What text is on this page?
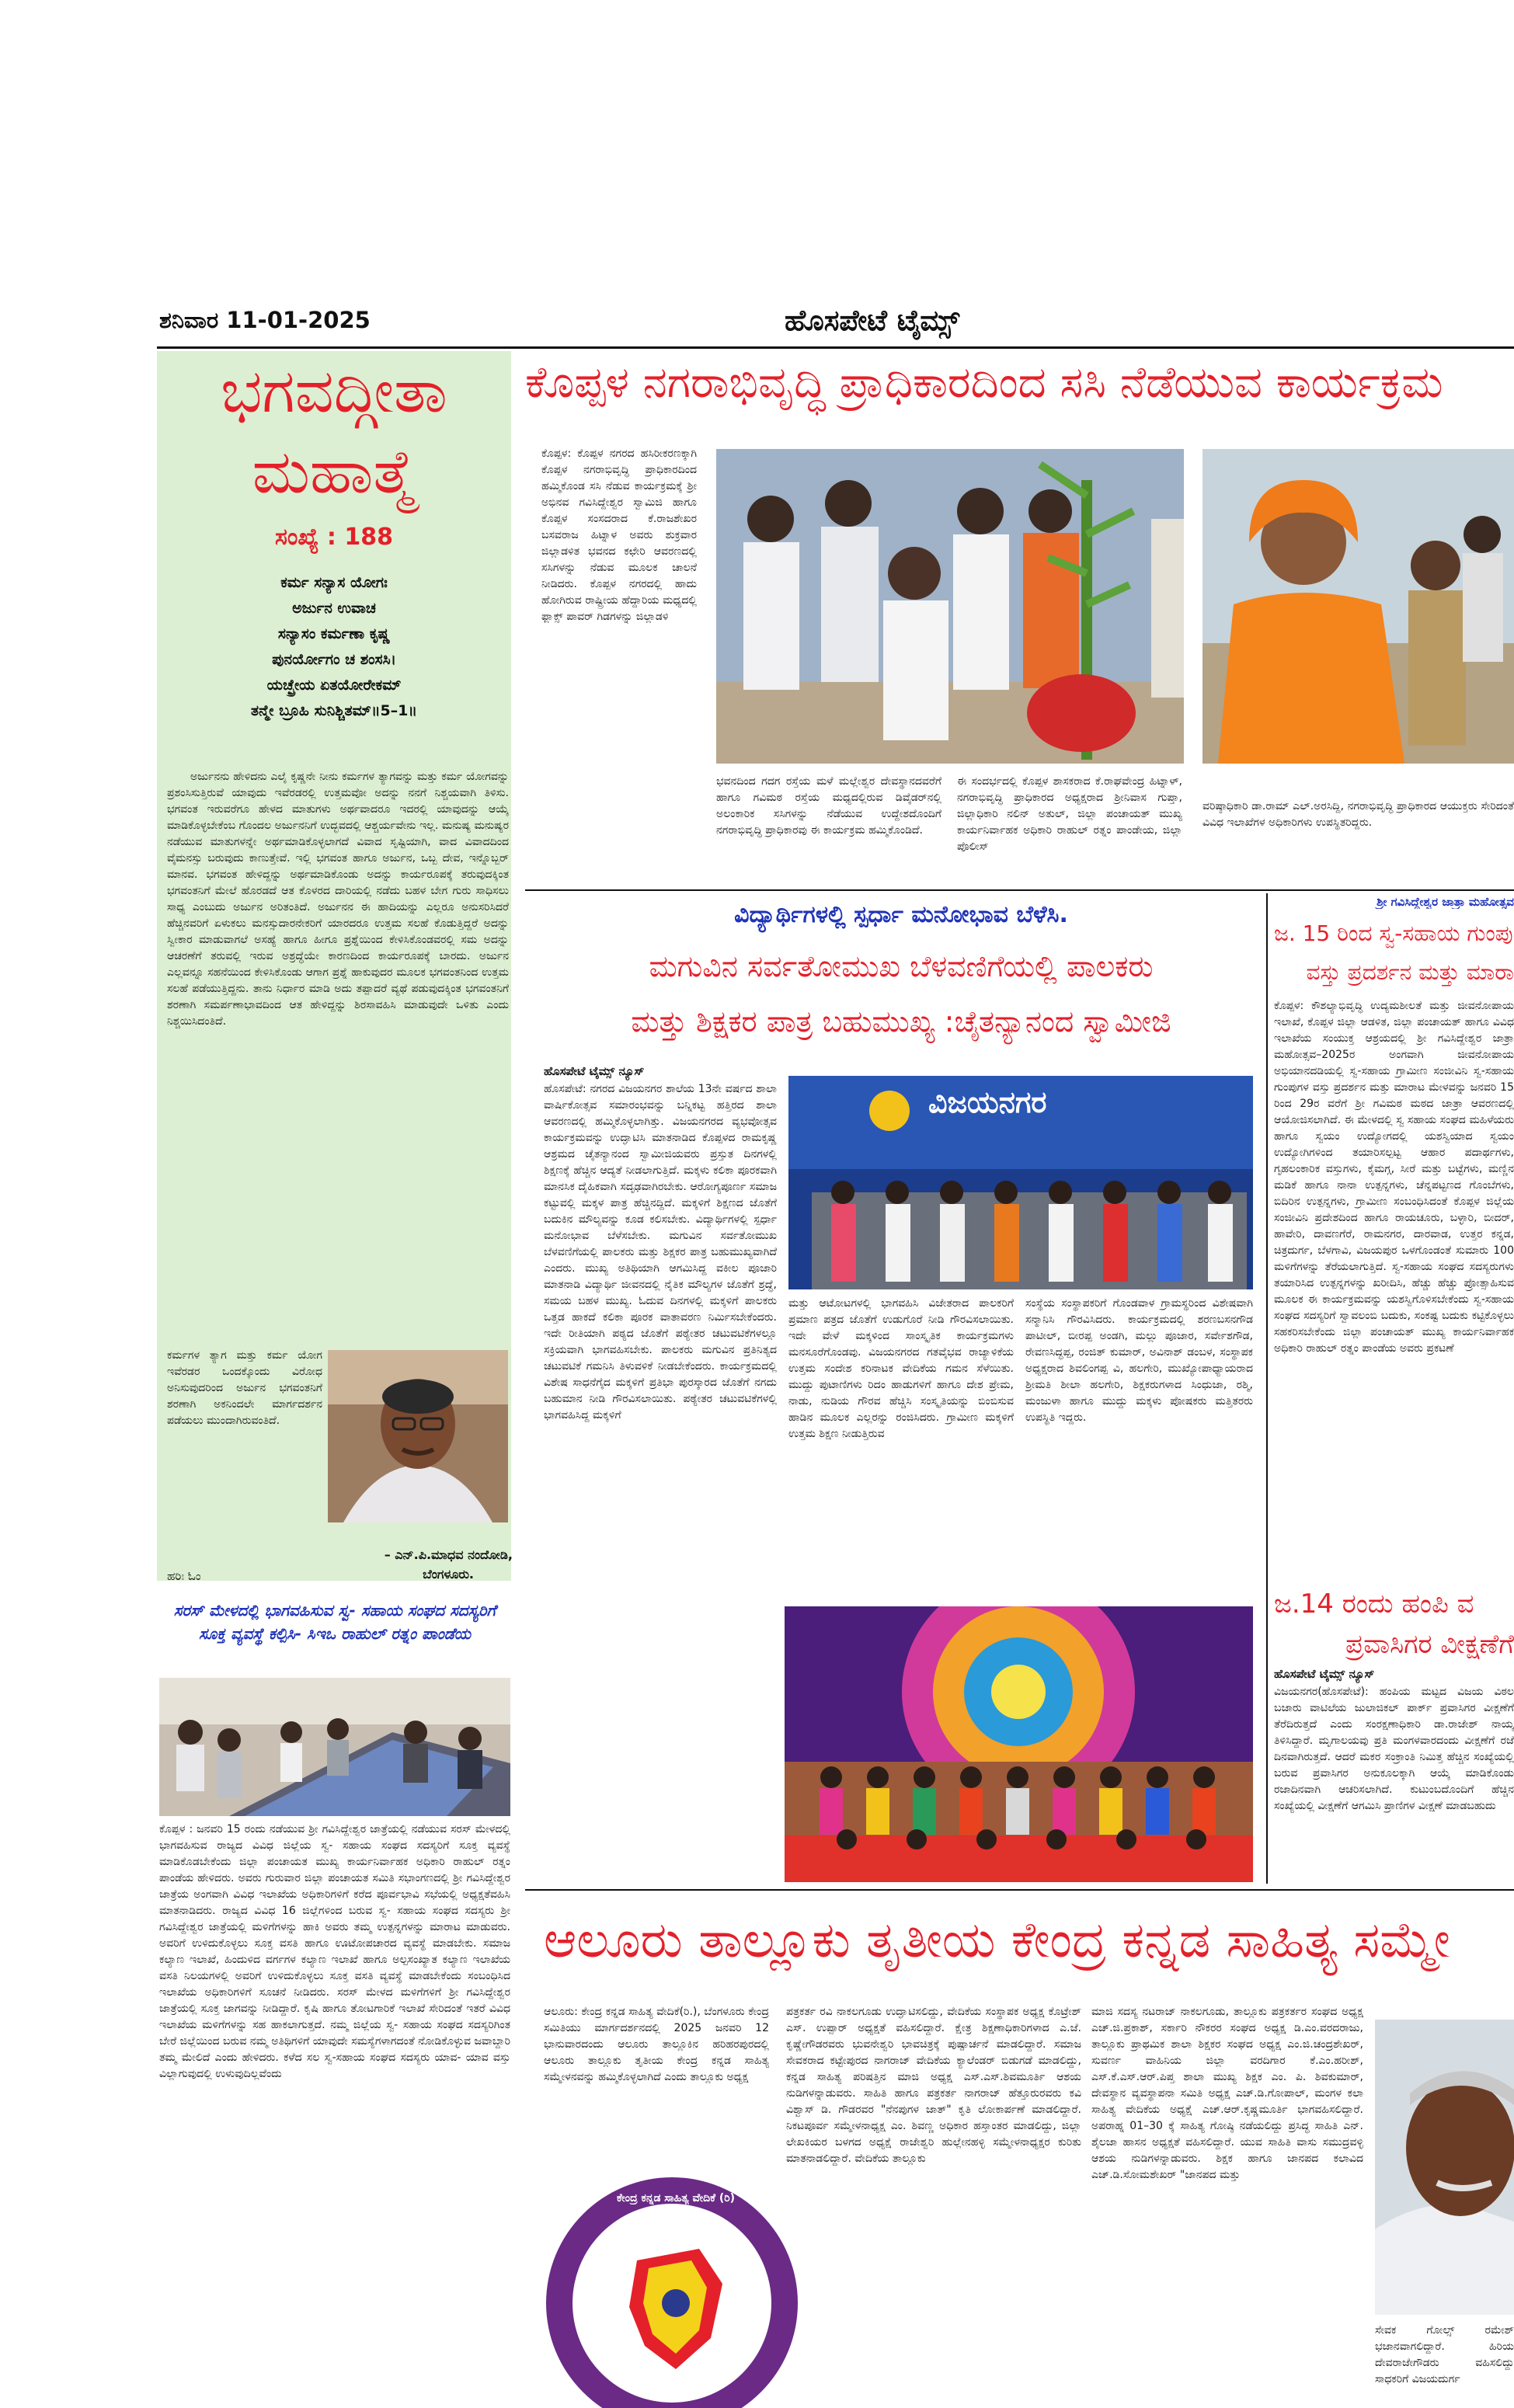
ಶನಿವಾರ 11-01-2025	ಹೊಸಪೇಟೆ ಟೈಮ್ಸ್
ಭಗವದ್ಗೀತಾ
ಮಹಾತ್ಮೆ
ಸಂಖ್ಯೆ : 188
ಕರ್ಮ ಸನ್ಯಾಸ ಯೋಗಃ
ಅರ್ಜುನ ಉವಾಚ
ಸನ್ಯಾಸಂ ಕರ್ಮಣಾ ಕೃಷ್ಣ
ಪುನರ್ಯೋಗಂ ಚ ಶಂಸಸಿ।
ಯಚ್ಛ್ರೇಯ ಏತಯೋರೇಕಮ್
ತನ್ಮೇ ಬ್ರೂಹಿ ಸುನಿಶ್ಚಿತಮ್॥5–1॥
ಅರ್ಜುನನು ಹೇಳಿದನು ಎಲೈ ಕೃಷ್ಣನೇ ನೀನು ಕರ್ಮಗಳ ತ್ಯಾಗವನ್ನು ಮತ್ತು ಕರ್ಮ ಯೋಗವನ್ನು ಪ್ರಶಂಸಿಸುತ್ತಿರುವೆ ಯಾವುದು ಇವೆರಡರಲ್ಲಿ ಉತ್ತಮವೋ ಅದನ್ನು ನನಗೆ ನಿಶ್ಚಯವಾಗಿ ತಿಳಿಸು. ಭಗವಂತ ಇರುವರೆಗೂ ಹೇಳದ ಮಾತುಗಳು ಅರ್ಥವಾದರೂ ಇದರಲ್ಲಿ ಯಾವುದನ್ನು ಆಯ್ಕೆ ಮಾಡಿಕೊಳ್ಳಬೇಕೆಂಬ ಗೊಂದಲ ಅರ್ಜುನನಿಗೆ ಉದ್ಭವದಲ್ಲಿ ಆಶ್ಚರ್ಯವೇನು ಇಲ್ಲ. ಮನುಷ್ಯ ಮನುಷ್ಯರ ನಡೆಯುವ ಮಾತುಗಳನ್ನೇ ಅರ್ಥಮಾಡಿಕೊಳ್ಳಲಾಗದೆ ವಿವಾದ ಸೃಷ್ಟಿಯಾಗಿ, ವಾದ ವಿವಾದದಿಂದ ವೈಮನಸ್ಸು ಬರುವುದು ಕಾಣುತ್ತೇವೆ. ಇಲ್ಲಿ ಭಗವಂತ ಹಾಗೂ ಅರ್ಜುನ, ಒಬ್ಬ ದೇವ, ಇನ್ನೊಬ್ಬರ್ ಮಾನವ. ಭಗವಂತ ಹೇಳಿದ್ದನ್ನು ಅರ್ಥಮಾಡಿಕೊಂಡು ಅದನ್ನು ಕಾರ್ಯರೂಪಕ್ಕೆ ತರುವುದಕ್ಕಿಂತ ಭಗವಂತನಿಗೆ ಮೇಲೆ ಹೊರಡದೆ ಆತ ಕೊಳರದ ದಾರಿಯಲ್ಲಿ ನಡೆದು ಬಹಳ ಬೇಗ ಗುರು ಸಾಧಿಸಲು ಸಾಧ್ಯ ಎಂಬುದು ಅರ್ಜುನ ಅರಿತಂತಿದೆ. ಅರ್ಜುನನ ಈ ಹಾದಿಯನ್ನು ಎಲ್ಲರೂ ಅನುಸರಿಸಿದರೆ ಹೆಚ್ಚಿನವರಿಗೆ ಏಳುಕಲು ಮನಸ್ಸುದಾರನೇಕರಿಗೆ ಯಾರದರೂ ಉತ್ತಮ ಸಲಹೆ ಕೊಡುತ್ತಿದ್ದರೆ ಅದನ್ನು ಸ್ವೀಕಾರ ಮಾಡುವಾಗಲೆ ಅಸಹ್ಯೆ ಹಾಗೂ ಹೀಗೂ ಪ್ರಶ್ನೆಯಿಂದ ಕೇಳಿಸಿಕೊಂಡವರಲ್ಲಿ ಸಮ ಅದನ್ನು ಆಚರಣೆಗೆ ತರುವಲ್ಲಿ ಇರುವ ಅಶ್ರದ್ಧೆಯೇ ಕಾರಣದಿಂದ ಕಾರ್ಯರೂಪಕ್ಕೆ ಬಾರದು. ಅರ್ಜುನ ಎಲ್ಲವನ್ನೂ ಸಹನೆಯಿಂದ ಕೇಳಿಸಿಕೊಂಡು ಆಗಾಗ ಪ್ರಶ್ನೆ ಹಾಕುವುದರ ಮೂಲಕ ಭಗವಂತನಿಂದ ಉತ್ತಮ ಸಲಹೆ ಪಡೆಯುತ್ತಿದ್ದನು. ತಾನು ನಿರ್ಧಾರ ಮಾಡಿ ಅದು ತಪ್ಪಾದರೆ ವ್ಯಥೆ ಪಡುವುದಕ್ಕಿಂತ ಭಗವಂತನಿಗೆ ಶರಣಾಗಿ ಸಮರ್ಪಣಾಭಾವದಿಂದ ಆತ ಹೇಳಿದ್ದನ್ನು ಶಿರಸಾವಹಿಸಿ ಮಾಡುವುದೇ ಒಳಿತು ಎಂದು ನಿಶ್ಚಯಿಸಿದಂತಿದೆ.
ಕರ್ಮಗಳ ತ್ಯಾಗ ಮತ್ತು ಕರ್ಮ ಯೋಗ ಇವೆರಡರ ಒಂದಕ್ಕೊಂದು ವಿರೋಧ ಅನಿಸುವುದರಿಂದ ಅರ್ಜುನ ಭಗವಂತನಿಗೆ ಶರಣಾಗಿ ಅಕನಿಂದಲೇ ಮಾರ್ಗದರ್ಶನ ಪಡೆಯಲು ಮುಂದಾಗಿರುವಂತಿದೆ.
– ಎನ್.ಪಿ.ಮಾಧವ ನಂದೋಡಿ,
ಹರಿಃ ಓಂ	ಬೆಂಗಳೂರು.
ಸರಸ್ ಮೇಳದಲ್ಲಿ ಭಾಗವಹಿಸುವ ಸ್ವ- ಸಹಾಯ ಸಂಘದ ಸದಸ್ಯರಿಗೆ ಸೂಕ್ತ ವ್ಯವಸ್ಥೆ ಕಲ್ಪಿಸಿ- ಸಿಇಒ ರಾಹುಲ್ ರತ್ನಂ ಪಾಂಡೆಯ
ಕೊಪ್ಪಳ : ಜನವರಿ 15 ರಂದು ನಡೆಯುವ ಶ್ರೀ ಗವಿಸಿದ್ದೇಶ್ವರ ಜಾತ್ರೆಯಲ್ಲಿ ನಡೆಯುವ ಸರಸ್ ಮೇಳದಲ್ಲಿ ಭಾಗವಹಿಸುವ ರಾಜ್ಯದ ವಿವಿಧ ಜಿಲ್ಲೆಯ ಸ್ವ- ಸಹಾಯ ಸಂಘದ ಸದಸ್ಯರಿಗೆ ಸೂಕ್ತ ವ್ಯವಸ್ಥೆ ಮಾಡಿಕೊಡಬೇಕೆಂದು ಜಿಲ್ಲಾ ಪಂಚಾಯತ ಮುಖ್ಯ ಕಾರ್ಯನಿರ್ವಾಹಕ ಅಧಿಕಾರಿ ರಾಹುಲ್ ರತ್ನಂ ಪಾಂಡೆಯ ಹೇಳಿದರು. ಅವರು ಗುರುವಾರ ಜಿಲ್ಲಾ ಪಂಚಾಯತ ಸಮಿತಿ ಸಭಾಂಗಣದಲ್ಲಿ ಶ್ರೀ ಗವಿಸಿದ್ದೇಶ್ವರ ಜಾತ್ರೆಯ ಅಂಗವಾಗಿ ವಿವಿಧ ಇಲಾಖೆಯ ಅಧಿಕಾರಿಗಳಿಗೆ ಕರೆದ ಪೂರ್ವಭಾವಿ ಸಭೆಯಲ್ಲಿ ಅಧ್ಯಕ್ಷತೆವಹಿಸಿ ಮಾತನಾಡಿದರು. ರಾಜ್ಯದ ವಿವಿಧ 16 ಜಿಲ್ಲೆಗಳಿಂದ ಬರುವ ಸ್ವ- ಸಹಾಯ ಸಂಘದ ಸದಸ್ಯರು ಶ್ರೀ ಗವಿಸಿದ್ದೇಶ್ವರ ಜಾತ್ರೆಯಲ್ಲಿ ಮಳಿಗೆಗಳನ್ನು ಹಾಕಿ ಅವರು ತಮ್ಮ ಉತ್ಪನ್ನಗಳನ್ನು ಮಾರಾಟ ಮಾಡುವರು. ಅವರಿಗೆ ಉಳಿದುಕೊಳ್ಳಲು ಸೂಕ್ತ ವಸತಿ ಹಾಗೂ ಊಟೋಪಚಾರದ ವ್ಯವಸ್ಥೆ ಮಾಡಬೇಕು. ಸಮಾಜ ಕಲ್ಯಾಣ ಇಲಾಖೆ, ಹಿಂದುಳಿದ ವರ್ಗಗಳ ಕಲ್ಯಾಣ ಇಲಾಖೆ ಹಾಗೂ ಅಲ್ಪಸಂಖ್ಯಾತ ಕಲ್ಯಾಣ ಇಲಾಖೆಯ ವಸತಿ ನಿಲಯಗಳಲ್ಲಿ ಅವರಿಗೆ ಉಳಿದುಕೊಳ್ಳಲು ಸೂಕ್ತ ವಸತಿ ವ್ಯವಸ್ಥೆ ಮಾಡಬೇಕೆಂದು ಸಂಬಂಧಿಸಿದ ಇಲಾಖೆಯ ಅಧಿಕಾರಿಗಳಿಗೆ ಸೂಚನೆ ನೀಡಿದರು. ಸರಸ್ ಮೇಳದ ಮಳಿಗೆಗಳಿಗೆ ಶ್ರೀ ಗವಿಸಿದ್ದೇಶ್ವರ ಜಾತ್ರೆಯಲ್ಲಿ ಸೂಕ್ತ ಜಾಗವನ್ನು ನೀಡಿದ್ದಾರೆ. ಕೃಷಿ ಹಾಗೂ ತೋಟಗಾರಿಕೆ ಇಲಾಖೆ ಸೇರಿದಂತೆ ಇತರೆ ವಿವಿಧ ಇಲಾಖೆಯ ಮಳಿಗೆಗಳನ್ನು ಸಹ ಹಾಕಲಾಗುತ್ತದೆ. ನಮ್ಮ ಜಿಲ್ಲೆಯ ಸ್ವ- ಸಹಾಯ ಸಂಘದ ಸದಸ್ಯರಿಗಿಂತ ಬೇರೆ ಜಿಲ್ಲೆಯಿಂದ ಬರುವ ನಮ್ಮ ಅತಿಥಿಗಳಿಗೆ ಯಾವುದೇ ಸಮಸ್ಯೆಗಳಾಗದಂತೆ ನೋಡಿಕೊಳ್ಳುವ ಜವಾಬ್ದಾರಿ ತಮ್ಮ ಮೇಲಿದೆ ಎಂದು ಹೇಳಿದರು. ಕಳೆದ ಸಲ ಸ್ವ-ಸಹಾಯ ಸಂಘದ ಸದಸ್ಯರು ಯಾವ- ಯಾವ ವಸ್ತು ವಿಲ್ಲಾಗುವುದಲ್ಲಿ ಉಳುವುದಿಲ್ಲವೆಂದು
ಕೊಪ್ಪಳ ನಗರಾಭಿವೃದ್ಧಿ ಪ್ರಾಧಿಕಾರದಿಂದ ಸಸಿ ನೆಡೆಯುವ ಕಾರ್ಯಕ್ರಮ
ಕೊಪ್ಪಳ: ಕೊಪ್ಪಳ ನಗರದ ಹಸಿರೀಕರಣಕ್ಕಾಗಿ ಕೊಪ್ಪಳ ನಗರಾಭಿವೃದ್ಧಿ ಪ್ರಾಧಿಕಾರದಿಂದ ಹಮ್ಮಿಕೊಂಡ ಸಸಿ ನೆಡುವ ಕಾರ್ಯಕ್ರಮಕ್ಕೆ ಶ್ರೀ ಅಭಿನವ ಗವಿಸಿದ್ದೇಶ್ವರ ಸ್ವಾಮಿಜಿ ಹಾಗೂ ಕೊಪ್ಪಳ ಸಂಸದರಾದ ಕೆ.ರಾಜಶೇಖರ ಬಸವರಾಜ ಹಿಟ್ನಾಳ ಅವರು ಶುಕ್ರವಾರ ಜಿಲ್ಲಾಡಳಿತ ಭವನದ ಕಛೇರಿ ಆವರಣದಲ್ಲಿ ಸಸಿಗಳನ್ನು ನೆಡುವ ಮೂಲಕ ಚಾಲನೆ ನೀಡಿದರು. ಕೊಪ್ಪಳ ನಗರದಲ್ಲಿ ಹಾದು ಹೋಗಿರುವ ರಾಷ್ಟ್ರೀಯ ಹೆದ್ದಾರಿಯ ಮಧ್ಯದಲ್ಲಿ ಫ್ಲಾಕ್ಸ್ ಪಾವರ್ ಗಿಡಗಳನ್ನು ಜಿಲ್ಲಾಡಳಿ
ಭವನದಿಂದ ಗದಗ ರಸ್ತೆಯ ಮಳೆ ಮಲ್ಲೇಶ್ವರ ದೇವಸ್ಥಾನದವರೆಗೆ ಹಾಗೂ ಗವಿಮಠ ರಸ್ತೆಯ ಮಧ್ಯದಲ್ಲಿರುವ ಡಿವೈಡರ್‌ನಲ್ಲಿ ಅಲಂಕಾರಿಕ ಸಸಿಗಳನ್ನು ನೆಡೆಯುವ ಉದ್ದೇಶದೊಂದಿಗೆ ನಗರಾಭಿವೃದ್ಧಿ ಪ್ರಾಧಿಕಾರವು ಈ ಕಾರ್ಯಕ್ರಮ ಹಮ್ಮಿಕೊಂಡಿದೆ.
ಈ ಸಂದರ್ಭದಲ್ಲಿ ಕೊಪ್ಪಳ ಶಾಸಕರಾದ ಕೆ.ರಾಘವೇಂದ್ರ ಹಿಟ್ನಾಳ್, ನಗರಾಭಿವೃದ್ಧಿ ಪ್ರಾಧಿಕಾರದ ಅಧ್ಯಕ್ಷರಾದ ಶ್ರೀನಿವಾಸ ಗುಪ್ತಾ, ಜಿಲ್ಲಾಧಿಕಾರಿ ನಲಿನ್ ಅತುಲ್, ಜಿಲ್ಲಾ ಪಂಚಾಯತ್ ಮುಖ್ಯ ಕಾರ್ಯನಿರ್ವಾಹಕ ಅಧಿಕಾರಿ ರಾಹುಲ್ ರತ್ನಂ ಪಾಂಡೇಯ, ಜಿಲ್ಲಾ ಪೊಲೀಸ್
ವರಿಷ್ಠಾಧಿಕಾರಿ ಡಾ.ರಾಮ್ ಎಲ್.ಅರಸಿದ್ದಿ, ನಗರಾಭಿವೃದ್ಧಿ ಪ್ರಾಧಿಕಾರದ ಆಯುಕ್ತರು ಸೇರಿದಂತೆ ವಿವಿಧ ಇಲಾಖೆಗಳ ಅಧಿಕಾರಿಗಳು ಉಪಸ್ಥಿತರಿದ್ದರು.
ವಿದ್ಯಾರ್ಥಿಗಳಲ್ಲಿ ಸ್ಪರ್ಧಾ ಮನೋಭಾವ ಬೆಳೆಸಿ.
ಮಗುವಿನ ಸರ್ವತೋಮುಖ ಬೆಳವಣಿಗೆಯಲ್ಲಿ ಪಾಲಕರು
ಮತ್ತು ಶಿಕ್ಷಕರ ಪಾತ್ರ ಬಹುಮುಖ್ಯ :ಚೈತನ್ಯಾನಂದ ಸ್ವಾಮೀಜಿ
ಹೊಸಪೇಟೆ ಟೈಮ್ಸ್ ನ್ಯೂಸ್
ಹೊಸಪೇಟೆ: ನಗರದ ವಿಜಯನಗರ ಶಾಲೆಯ 13ನೇ ವರ್ಷದ ಶಾಲಾ ವಾರ್ಷಿಕೋತ್ಸವ ಸಮಾರಂಭವನ್ನು ಬನ್ನಿಕಟ್ಟ ಹತ್ತಿರದ ಶಾಲಾ ಆವರಣದಲ್ಲಿ ಹಮ್ಮಿಕೊಳ್ಳಲಾಗಿತ್ತು. ವಿಜಯನಗರದ ವ್ಯಭವೋತ್ಸವ ಕಾರ್ಯಕ್ರಮವನ್ನು ಉದ್ಘಾಟಿಸಿ ಮಾತನಾಡಿದ ಕೊಪ್ಪಳದ ರಾಮಕೃಷ್ಣ ಆಶ್ರಮದ ಚೈತನ್ಯಾನಂದ ಸ್ವಾಮೀಜಿಯವರು ಪ್ರಸ್ತುತ ದಿನಗಳಲ್ಲಿ ಶಿಕ್ಷಣಕ್ಕೆ ಹೆಚ್ಚಿನ ಆದ್ಯತೆ ನೀಡಲಾಗುತ್ತಿದೆ. ಮಕ್ಕಳು ಕಲಿಕಾ ಪೂರಕವಾಗಿ ಮಾನಸಿಕ ದೈಹಿಕವಾಗಿ ಸದೃಢವಾಗಿರಬೇಕು. ಆರೋಗ್ಯಪೂರ್ಣ ಸಮಾಜ ಕಟ್ಟುವಲ್ಲಿ ಮಕ್ಕಳ ಪಾತ್ರ ಹೆಚ್ಚಿನದ್ದಿದೆ. ಮಕ್ಕಳಿಗೆ ಶಿಕ್ಷಣದ ಜೊತೆಗೆ ಬದುಕಿನ ಮೌಲ್ಯವನ್ನು ಕೂಡ ಕಲಿಸಬೇಕು. ವಿದ್ಯಾರ್ಥಿಗಳಲ್ಲಿ ಸ್ಪರ್ಧಾ ಮನೋಭಾವ ಬೆಳೆಸಬೇಕು. ಮಗುವಿನ ಸರ್ವತೋಮುಖ ಬೆಳವಣಿಗೆಯಲ್ಲಿ ಪಾಲಕರು ಮತ್ತು ಶಿಕ್ಷಕರ ಪಾತ್ರ ಬಹುಮುಖ್ಯವಾಗಿದೆ ಎಂದರು. ಮುಖ್ಯ ಅತಿಥಿಯಾಗಿ ಆಗಮಿಸಿದ್ದ ವಕೀಲ ಪೂಜಾರಿ ಮಾತನಾಡಿ ವಿದ್ಯಾರ್ಥಿ ಜೀವನದಲ್ಲಿ ನೈತಿಕ ಮೌಲ್ಯಗಳ ಜೊತೆಗೆ ಶ್ರದ್ಧೆ, ಸಮಯ ಬಹಳ ಮುಖ್ಯ. ಓದುವ ದಿನಗಳಲ್ಲಿ ಮಕ್ಕಳಿಗೆ ಪಾಲಕರು ಒತ್ತಡ ಹಾಕದೆ ಕಲಿಕಾ ಪೂರಕ ವಾತಾವರಣ ನಿರ್ಮಿಸಬೇಕೆಂದರು. ಇದೇ ರೀತಿಯಾಗಿ ಪಠ್ಯದ ಜೊತೆಗೆ ಪಠ್ಯೇತರ ಚಟುವಟಿಕೆಗಳಲ್ಲೂ ಸಕ್ರಿಯವಾಗಿ ಭಾಗವಹಿಸಬೇಕು. ಪಾಲಕರು ಮಗುವಿನ ಪ್ರತಿನಿತ್ಯದ ಚಟುವಟಿಕೆ ಗಮನಿಸಿ ತಿಳುವಳಿಕೆ ನೀಡಬೇಕೆಂದರು. ಕಾರ್ಯಕ್ರಮದಲ್ಲಿ ವಿಶೇಷ ಸಾಧನೆಗೈದ ಮಕ್ಕಳಿಗೆ ಪ್ರತಿಭಾ ಪುರಸ್ಕಾರದ ಜೊತೆಗೆ ನಗದು ಬಹುಮಾನ ನೀಡಿ ಗೌರವಿಸಲಾಯಿತು. ಪಠ್ಯೇತರ ಚಟುವಟಿಕೆಗಳಲ್ಲಿ ಭಾಗವಹಿಸಿದ್ದ ಮಕ್ಕಳಿಗೆ
ವಿಜಯನಗರ
ಮತ್ತು ಆಟೋಟಗಳಲ್ಲಿ ಭಾಗವಹಿಸಿ ವಿಜೇತರಾದ ಪಾಲಕರಿಗೆ ಪ್ರಮಾಣ ಪತ್ರದ ಜೊತೆಗೆ ಉಡುಗೊರೆ ನೀಡಿ ಗೌರವಿಸಲಾಯಿತು. ಇದೇ ವೇಳೆ ಮಕ್ಕಳಿಂದ ಸಾಂಸ್ಕೃತಿಕ ಕಾರ್ಯಕ್ರಮಗಳು ಮನಸೂರೆಗೊಂಡವು. ವಿಜಯನಗರದ ಗತವೈಭವ ರಾಜ್ಯಾಳಿಕೆಯ ಉತ್ತಮ ಸಂದೇಶ ಕರಿನಾಟಕ ವೇದಿಕೆಯ ಗಮನ ಸೆಳೆಯಿತು. ಮುದ್ದು ಪುಟಾಣಿಗಳು ರಿದಂ ಹಾಡುಗಳಿಗೆ ಹಾಗೂ ದೇಶ ಪ್ರೇಮ, ನಾಡು, ನುಡಿಯ ಗೌರವ ಹೆಚ್ಚಿಸಿ ಸಂಸ್ಕೃತಿಯನ್ನು ಬಿಂಬಿಸುವ ಹಾಡಿನ ಮೂಲಕ ಎಲ್ಲರನ್ನು ರಂಜಿಸಿದರು. ಗ್ರಾಮೀಣ ಮಕ್ಕಳಿಗೆ ಉತ್ತಮ ಶಿಕ್ಷಣ ನೀಡುತ್ತಿರುವ
ಸಂಸ್ಥೆಯ ಸಂಸ್ಥಾಪಕರಿಗೆ ಗೊಂಡವಾಳ ಗ್ರಾಮಸ್ಥರಿಂದ ವಿಶೇಷವಾಗಿ ಸನ್ಮಾನಿಸಿ ಗೌರವಿಸಿದರು. ಕಾರ್ಯಕ್ರಮದಲ್ಲಿ ಶರಣಬಸನಗೌಡ ಪಾಟೀಲ್, ಬೀರಪ್ಪ ಅಂಡಗಿ, ಮಲ್ಲು ಪೂಜಾರ, ಸರ್ವೇಶಗೌಡ, ರೇವಣಸಿದ್ಧಪ್ಪ, ರಂಜಿತ್ ಕುಮಾರ್, ಅವಿನಾಶ್ ಡಂಬಳ, ಸಂಸ್ಥಾಪಕ ಅಧ್ಯಕ್ಷರಾದ ಶಿವಲಿಂಗಪ್ಪ ವಿ, ಹಲಗೇರಿ, ಮುಖ್ಯೋಪಾಧ್ಯಾಯರಾದ ಶ್ರೀಮತಿ ಶೀಲಾ ಹಲಗೇರಿ, ಶಿಕ್ಷಕರುಗಳಾದ ಸಿಂಧುಜಾ, ರಶ್ಮಿ, ಮಂಜುಳಾ ಹಾಗೂ ಮುದ್ದು ಮಕ್ಕಳು ಪೋಷಕರು ಮತ್ತಿತರರು ಉಪಸ್ಥಿತಿ ಇದ್ದರು.
ಶ್ರೀ ಗವಿಸಿದ್ದೇಶ್ವರ ಜಾತ್ರಾ ಮಹೋತ್ಸವ
ಜ. 15 ರಿಂದ ಸ್ವ-ಸಹಾಯ ಗುಂಪು
ವಸ್ತು ಪ್ರದರ್ಶನ ಮತ್ತು ಮಾರಾ
ಕೊಪ್ಪಳ: ಕೌಶಲ್ಯಾಭಿವೃದ್ಧಿ ಉದ್ಯಮಶೀಲತೆ ಮತ್ತು ಜೀವನೋಪಾಯ ಇಲಾಖೆ, ಕೊಪ್ಪಳ ಜಿಲ್ಲಾ ಆಡಳಿತ, ಜಿಲ್ಲಾ ಪಂಚಾಯತ್ ಹಾಗೂ ವಿವಿಧ ಇಲಾಖೆಯ ಸಂಯುಕ್ತ ಆಶ್ರಯದಲ್ಲಿ ಶ್ರೀ ಗವಿಸಿದ್ದೇಶ್ವರ ಜಾತ್ರಾ ಮಹೋತ್ಸವ–2025ರ ಅಂಗವಾಗಿ ಜೀವನೋಪಾಯ ಅಭಿಯಾನದಡಿಯಲ್ಲಿ ಸ್ವ-ಸಹಾಯ ಗ್ರಾಮೀಣ ಸಂಜೀವಿನಿ ಸ್ವ-ಸಹಾಯ ಗುಂಪುಗಳ ವಸ್ತು ಪ್ರದರ್ಶನ ಮತ್ತು ಮಾರಾಟ ಮೇಳವನ್ನು ಜನವರಿ 15 ರಿಂದ 29ರ ವರೆಗೆ ಶ್ರೀ ಗವಿಮಠ ಮಠದ ಜಾತ್ರಾ ಆವರಣದಲ್ಲಿ ಆಯೋಜಿಸಲಾಗಿದೆ. ಈ ಮೇಳದಲ್ಲಿ ಸ್ವ ಸಹಾಯ ಸಂಘದ ಮಹಿಳೆಯರು ಹಾಗೂ ಸ್ವಯಂ ಉದ್ಯೋಗದಲ್ಲಿ ಯಶಸ್ವಿಯಾದ ಸ್ವಯಂ ಉದ್ಯೋಗಿಗಳಿಂದ ತಯಾರಿಸಲ್ಪಟ್ಟ ಆಹಾರ ಪದಾರ್ಥಗಳು, ಗೃಹಲಂಕಾರಿಕ ವಸ್ತುಗಳು, ಕೈಮಗ್ಗ, ಸೀರೆ ಮತ್ತು ಬಟ್ಟೆಗಳು, ಮಣ್ಣಿನ ಮಡಿಕೆ ಹಾಗೂ ನಾನಾ ಉತ್ಪನ್ನಗಳು, ಚೆನ್ನಪಟ್ಟಣದ ಗೊಂಬೆಗಳು, ಬಿದಿರಿನ ಉತ್ಪನ್ನಗಳು, ಗ್ರಾಮೀಣ ಸಂಬಂಧಿಸಿದಂತೆ ಕೊಪ್ಪಳ ಜಿಲ್ಲೆಯ ಸಂಜೀವಿನಿ ಪ್ರದೇಶದಿಂದ ಹಾಗೂ ರಾಯಚೂರು, ಬಳ್ಳಾರಿ, ಬೀದರ್, ಹಾವೇರಿ, ದಾವಣಗೆರೆ, ರಾಮನಗರ, ದಾರವಾಡ, ಉತ್ತರ ಕನ್ನಡ, ಚಿತ್ರದುರ್ಗ, ಬೆಳಗಾವಿ, ವಿಜಯಪುರ ಒಳಗೊಂಡಂತೆ ಸುಮಾರು 100 ಮಳಿಗೆಗಳನ್ನು ತೆರೆಯಲಾಗುತ್ತಿದೆ. ಸ್ವ-ಸಹಾಯ ಸಂಘದ ಸದಸ್ಯರುಗಳು ತಯಾರಿಸಿದ ಉತ್ಪನ್ನಗಳನ್ನು ಖರೀದಿಸಿ, ಹೆಚ್ಚು ಹೆಚ್ಚು ಪ್ರೋತ್ಸಾಹಿಸುವ ಮೂಲಕ ಈ ಕಾರ್ಯಕ್ರಮವನ್ನು ಯಶಸ್ವಿಗೊಳಿಸಬೇಕೆಂದು ಸ್ವ-ಸಹಾಯ ಸಂಘದ ಸದಸ್ಯರಿಗೆ ಸ್ವಾವಲಂಬಿ ಬದುಕು, ಸಂಕಷ್ಟ ಬದುಕು ಕಟ್ಟಿಕೊಳ್ಳಲು ಸಹಕರಿಸಬೇಕೆಂದು ಜಿಲ್ಲಾ ಪಂಚಾಯತ್ ಮುಖ್ಯ ಕಾರ್ಯನಿರ್ವಾಹಕ ಅಧಿಕಾರಿ ರಾಹುಲ್ ರತ್ನಂ ಪಾಂಡೆಯ ಅವರು ಪ್ರಕಟಣೆ
ಜ.14 ರಂದು ಹಂಪಿ ವ
ಪ್ರವಾಸಿಗರ ವೀಕ್ಷಣೆಗೆ
ಹೊಸಪೇಟೆ ಟೈಮ್ಸ್ ನ್ಯೂಸ್
ವಿಜಯನಗರ(ಹೊಸಪೇಟೆ): ಹಂಪಿಯ ಮಟ್ಟದ ವಿಜಯ ವಿಠಲ ಬಜಾರು ವಾಟಿಲೆಯ ಜುಲಾಜಿಕಲ್ ಪಾರ್ಕ್ ಪ್ರವಾಸಿಗರ ವೀಕ್ಷಣೆಗೆ ತೆರೆದಿರುತ್ತದೆ ಎಂದು ಸಂರಕ್ಷಣಾಧಿಕಾರಿ ಡಾ.ರಾಜೇಶ್ ನಾಯ್ಕ ತಿಳಿಸಿದ್ದಾರೆ. ಮೃಗಾಲಯವು ಪ್ರತಿ ಮಂಗಳವಾರದಂದು ವೀಕ್ಷಣೆಗೆ ರಜೆ ದಿನವಾಗಿರುತ್ತದೆ. ಆದರೆ ಮಕರ ಸಂಕ್ರಾಂತಿ ನಿಮಿತ್ತ ಹೆಚ್ಚಿನ ಸಂಖ್ಯೆಯಲ್ಲಿ ಬರುವ ಪ್ರವಾಸಿಗರ ಅನುಕೂಲಕ್ಕಾಗಿ ಆಯ್ಕೆ ಮಾಡಿಕೊಂಡು ರಜಾದಿನವಾಗಿ ಆಚರಿಸಲಾಗಿದೆ. ಕುಟುಂಬದೊಂದಿಗೆ ಹೆಚ್ಚಿನ ಸಂಖ್ಯೆಯಲ್ಲಿ ವೀಕ್ಷಣೆಗೆ ಆಗಮಿಸಿ ಪ್ರಾಣಿಗಳ ವೀಕ್ಷಣೆ ಮಾಡಬಹುದು
ಆಲೂರು ತಾಲ್ಲೂಕು ತೃತೀಯ ಕೇಂದ್ರ ಕನ್ನಡ ಸಾಹಿತ್ಯ ಸಮ್ಮೇ
ಆಲೂರು: ಕೇಂದ್ರ ಕನ್ನಡ ಸಾಹಿತ್ಯ ವೇದಿಕೆ(ರಿ.), ಬೆಂಗಳೂರು ಕೇಂದ್ರ ಸಮಿತಿಯು ಮಾರ್ಗದರ್ಶನದಲ್ಲಿ 2025 ಜನವರಿ 12 ಭಾನುವಾರದಂದು ಆಲೂರು ತಾಲ್ಲೂಕಿನ ಹರಿಹರಪುರದಲ್ಲಿ ಆಲೂರು ತಾಲ್ಲೂಕು ತೃತೀಯ ಕೇಂದ್ರ ಕನ್ನಡ ಸಾಹಿತ್ಯ ಸಮ್ಮೇಳನವನ್ನು ಹಮ್ಮಿಕೊಳ್ಳಲಾಗಿದೆ ಎಂದು ತಾಲ್ಲೂಕು ಅಧ್ಯಕ್ಷ
ಕೇಂದ್ರ ಕನ್ನಡ ಸಾಹಿತ್ಯ ವೇದಿಕೆ (ರಿ)
ಪತ್ರಕರ್ತ ರವಿ ನಾಕಲಗೂಡು ಉದ್ಘಾಟಿಸಲಿದ್ದು, ವೇದಿಕೆಯ ಸಂಸ್ಥಾಪಕ ಅಧ್ಯಕ್ಷ ಕೊಟ್ರೇಶ್ ಎಸ್. ಉಪ್ಪಾರ್ ಅಧ್ಯಕ್ಷತೆ ವಹಿಸಲಿದ್ದಾರೆ. ಕ್ಷೇತ್ರ ಶಿಕ್ಷಣಾಧಿಕಾರಿಗಳಾದ ಎ.ಜೆ. ಕೃಷ್ಣೇಗೌಡರವರು ಭುವನೇಶ್ವರಿ ಭಾವಚಿತ್ರಕ್ಕೆ ಪುಷ್ಪಾರ್ಚನೆ ಮಾಡಲಿದ್ದಾರೆ. ಸಮಾಜ ಸೇವಕರಾದ ಕಟ್ಟೇಪುರದ ನಾಗರಾಜ್ ವೇದಿಕೆಯ ಕ್ಯಾಲೆಂಡರ್ ಬಿಡುಗಡೆ ಮಾಡಲಿದ್ದು, ಕನ್ನಡ ಸಾಹಿತ್ಯ ಪರಿಷತ್ತಿನ ಮಾಜಿ ಅಧ್ಯಕ್ಷ ಎಸ್.ಎಸ್.ಶಿವಮೂರ್ತಿ ಆಶಯ ನುಡಿಗಳನ್ನಾಡುವರು. ಸಾಹಿತಿ ಹಾಗೂ ಪತ್ರಕರ್ತ ನಾಗರಾಜ್ ಹೆತ್ತೂರುರವರು ಕವಿ ವಿಶ್ವಾಸ್ ಡಿ. ಗೌಡರವರ "ನೆನಪುಗಳ ಜಾತ್" ಕೃತಿ ಲೋಕಾರ್ಪಣೆ ಮಾಡಲಿದ್ದಾರೆ. ನಿಕಟಪೂರ್ವ ಸಮ್ಮೇಳನಾಧ್ಯಕ್ಷ ಎಂ. ಶಿವಣ್ಣ ಅಧಿಕಾರ ಹಸ್ತಾಂತರ ಮಾಡಲಿದ್ದು, ಜಿಲ್ಲಾ ಲೇಖಕಿಯರ ಬಳಗದ ಅಧ್ಯಕ್ಷೆ ರಾಜೇಶ್ವರಿ ಹುಲ್ಲೇನಹಳ್ಳಿ ಸಮ್ಮೇಳನಾಧ್ಯಕ್ಷರ ಕುರಿತು ಮಾತನಾಡಲಿದ್ದಾರೆ. ವೇದಿಕೆಯ ತಾಲ್ಲೂಕು
ಮಾಜಿ ಸದಸ್ಯ ನಟರಾಜ್ ನಾಕಲಗೂಡು, ತಾಲ್ಲೂಕು ಪತ್ರಕರ್ತರ ಸಂಘದ ಅಧ್ಯಕ್ಷ ಎಚ್.ಜಿ.ಪ್ರಕಾಶ್, ಸರ್ಕಾರಿ ನೌಕರರ ಸಂಘದ ಅಧ್ಯಕ್ಷ ಡಿ.ಎಂ.ವರದರಾಜು, ತಾಲ್ಲೂಕು ಪ್ರಾಥಮಿಕ ಶಾಲಾ ಶಿಕ್ಷಕರ ಸಂಘದ ಅಧ್ಯಕ್ಷ ಎಂ.ಜಿ.ಚಂದ್ರಶೇಖರ್, ಸುವರ್ಣ ವಾಹಿನಿಯ ಜಿಲ್ಲಾ ವರದಿಗಾರ ಕೆ.ಎಂ.ಹರೀಶ್, ಎಸ್.ಕೆ.ಎಸ್.ಆರ್.ಪಿಪ್ತ ಶಾಲಾ ಮುಖ್ಯ ಶಿಕ್ಷಕ ಎಂ. ಪಿ. ಶಿವಕುಮಾರ್, ದೇವಸ್ಥಾನ ವ್ಯವಸ್ಥಾಪನಾ ಸಮಿತಿ ಅಧ್ಯಕ್ಷ ಎಚ್.ಡಿ.ಗೋಪಾಲ್, ಮಂಗಳ ಕಲಾ ಸಾಹಿತ್ಯ ವೇದಿಕೆಯ ಅಧ್ಯಕ್ಷೆ ಎಚ್.ಆರ್.ಕೃಷ್ಣಮೂರ್ತಿ ಭಾಗವಹಿಸಲಿದ್ದಾರೆ. ಅಪರಾಹ್ನ 01–30 ಕ್ಕೆ ಸಾಹಿತ್ಯ ಗೋಷ್ಠಿ ನಡೆಯಲಿದ್ದು ಪ್ರಸಿದ್ಧ ಸಾಹಿತಿ ಎನ್. ಶೈಲಜಾ ಹಾಸನ ಅಧ್ಯಕ್ಷತೆ ವಹಿಸಲಿದ್ದಾರೆ. ಯುವ ಸಾಹಿತಿ ವಾಸು ಸಮುದ್ರವಳ್ಳಿ ಆಶಯ ನುಡಿಗಳನ್ನಾಡುವರು. ಶಿಕ್ಷಕ ಹಾಗೂ ಜಾನಪದ ಕಲಾವಿದ ಎಚ್.ಡಿ.ಸೋಮಶೇಖರ್ "ಜಾನಪದ ಮತ್ತು
ಸೇವಕ ಗೋಲ್ಸ್ ರಮೇಶ್ ಭಜಾನವಾಗಲಿದ್ದಾರೆ. ಹಿರಿಯ ದೇವರಾಜೇಗೌಡರು ವಹಿಸಲಿದ್ದು ಸಾಧಕರಿಗೆ ವಿಜಯದುರ್ಗ
